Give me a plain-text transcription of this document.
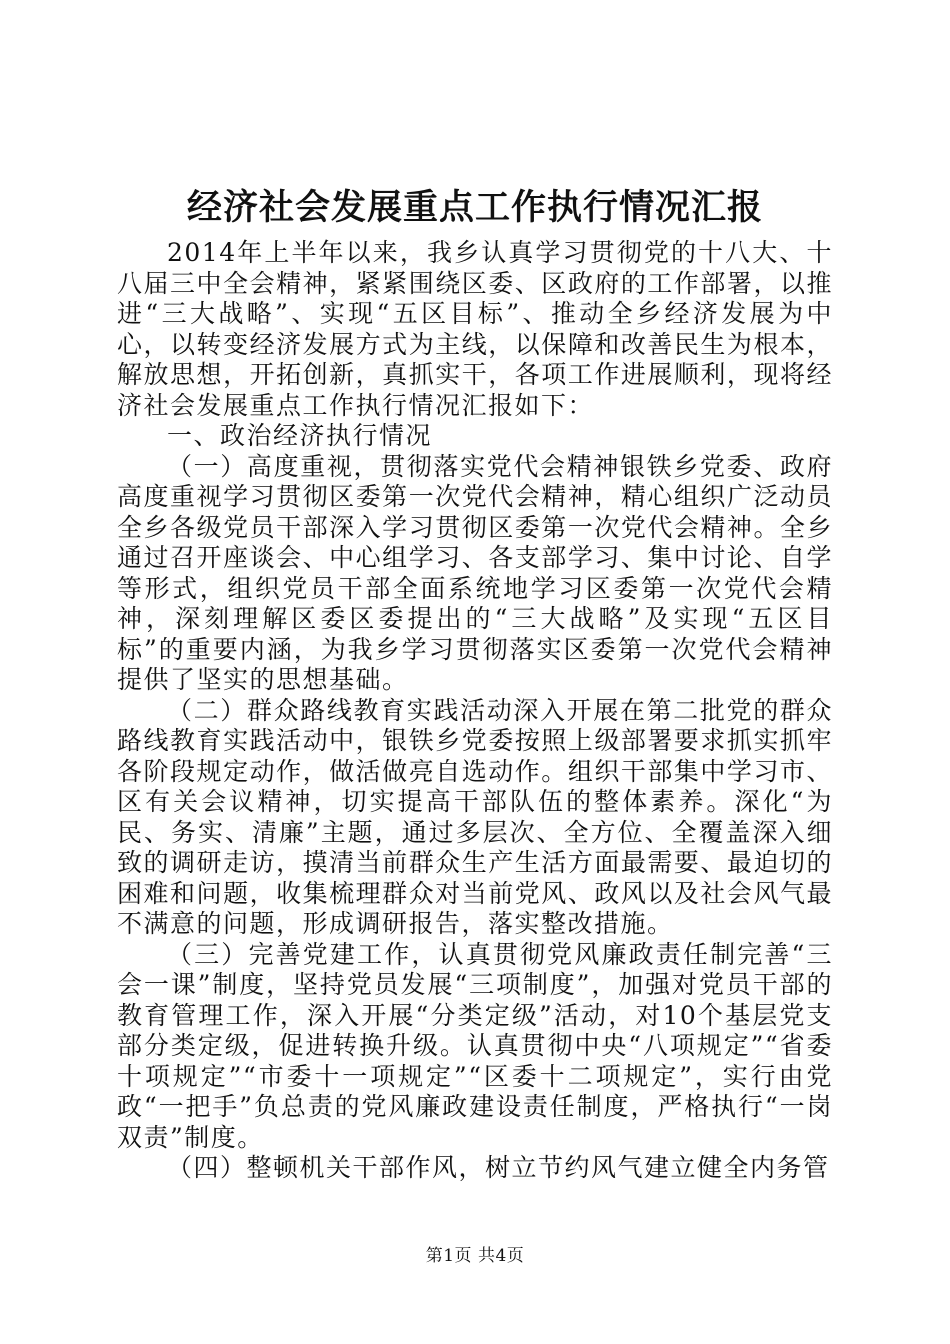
经济社会发展重点工作执行情况汇报

2014年上半年以来，我乡认真学习贯彻党的十八大、十八届三中全会精神，紧紧围绕区委、区政府的工作部署，以推进“三大战略”、实现“五区目标”、推动全乡经济发展为中心，以转变经济发展方式为主线，以保障和改善民生为根本，解放思想，开拓创新，真抓实干，各项工作进展顺利，现将经济社会发展重点工作执行情况汇报如下：

一、政治经济执行情况

（一）高度重视，贯彻落实党代会精神银铁乡党委、政府高度重视学习贯彻区委第一次党代会精神，精心组织广泛动员全乡各级党员干部深入学习贯彻区委第一次党代会精神。全乡通过召开座谈会、中心组学习、各支部学习、集中讨论、自学等形式，组织党员干部全面系统地学习区委第一次党代会精神，深刻理解区委区委提出的“三大战略”及实现“五区目标”的重要内涵，为我乡学习贯彻落实区委第一次党代会精神提供了坚实的思想基础。

（二）群众路线教育实践活动深入开展在第二批党的群众路线教育实践活动中，银铁乡党委按照上级部署要求抓实抓牢各阶段规定动作，做活做亮自选动作。组织干部集中学习市、区有关会议精神，切实提高干部队伍的整体素养。深化“为民、务实、清廉”主题，通过多层次、全方位、全覆盖深入细致的调研走访，摸清当前群众生产生活方面最需要、最迫切的困难和问题，收集梳理群众对当前党风、政风以及社会风气最不满意的问题，形成调研报告，落实整改措施。

（三）完善党建工作，认真贯彻党风廉政责任制完善“三会一课”制度，坚持党员发展“三项制度”，加强对党员干部的教育管理工作，深入开展“分类定级”活动，对10个基层党支部分类定级，促进转换升级。认真贯彻中央“八项规定”“省委十项规定”“市委十一项规定”“区委十二项规定”，实行由党政“一把手”负总责的党风廉政建设责任制度，严格执行“一岗双责”制度。

（四）整顿机关干部作风，树立节约风气建立健全内务管

第1页 共4页
